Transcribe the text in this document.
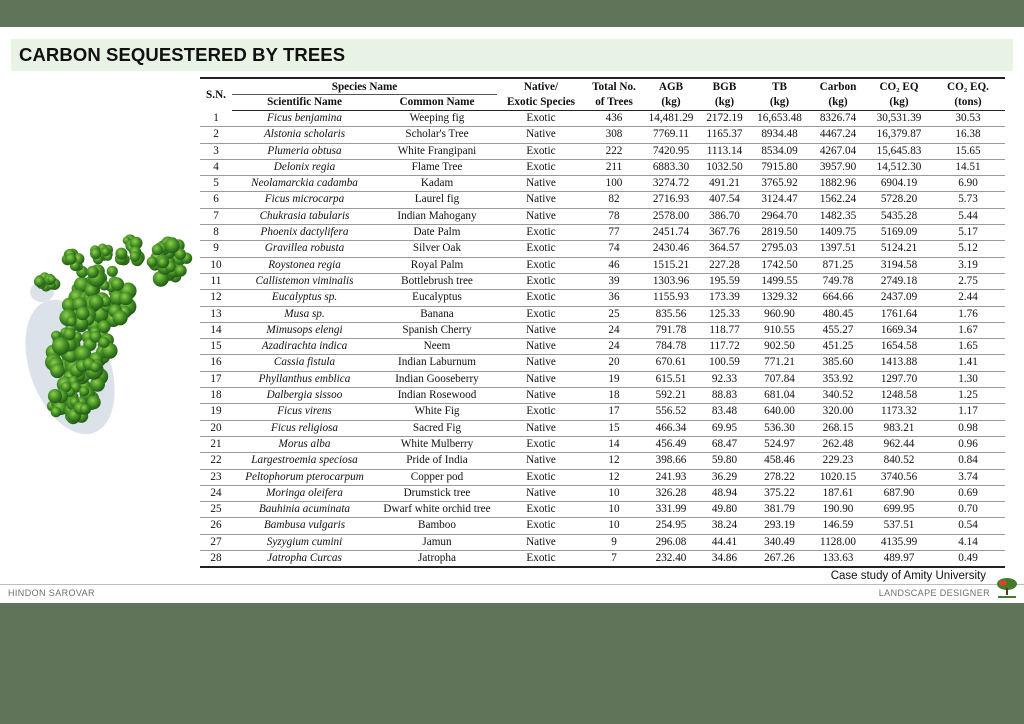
CARBON SEQUESTERED BY TREES
S.N.	Species Name		Native/	Total No.	AGB	BGB	TB	Carbon	CO₂ EQ	CO₂ EQ.
	Scientific Name	Common Name	Exotic Species	of Trees	(kg)	(kg)	(kg)	(kg)	(kg)	(tons)
1	Ficus benjamina	Weeping fig	Exotic	436	14,481.29	2172.19	16,653.48	8326.74	30,531.39	30.53
2	Alstonia scholaris	Scholar's Tree	Native	308	7769.11	1165.37	8934.48	4467.24	16,379.87	16.38
3	Plumeria obtusa	White Frangipani	Exotic	222	7420.95	1113.14	8534.09	4267.04	15,645.83	15.65
4	Delonix regia	Flame Tree	Exotic	211	6883.30	1032.50	7915.80	3957.90	14,512.30	14.51
5	Neolamarckia cadamba	Kadam	Native	100	3274.72	491.21	3765.92	1882.96	6904.19	6.90
6	Ficus microcarpa	Laurel fig	Native	82	2716.93	407.54	3124.47	1562.24	5728.20	5.73
7	Chukrasia tabularis	Indian Mahogany	Native	78	2578.00	386.70	2964.70	1482.35	5435.28	5.44
8	Phoenix dactylifera	Date Palm	Exotic	77	2451.74	367.76	2819.50	1409.75	5169.09	5.17
9	Gravillea robusta	Silver Oak	Exotic	74	2430.46	364.57	2795.03	1397.51	5124.21	5.12
10	Roystonea regia	Royal Palm	Exotic	46	1515.21	227.28	1742.50	871.25	3194.58	3.19
11	Callistemon viminalis	Bottlebrush tree	Exotic	39	1303.96	195.59	1499.55	749.78	2749.18	2.75
12	Eucalyptus sp.	Eucalyptus	Exotic	36	1155.93	173.39	1329.32	664.66	2437.09	2.44
13	Musa sp.	Banana	Exotic	25	835.56	125.33	960.90	480.45	1761.64	1.76
14	Mimusops elengi	Spanish Cherry	Native	24	791.78	118.77	910.55	455.27	1669.34	1.67
15	Azadirachta indica	Neem	Native	24	784.78	117.72	902.50	451.25	1654.58	1.65
16	Cassia fistula	Indian Laburnum	Native	20	670.61	100.59	771.21	385.60	1413.88	1.41
17	Phyllanthus emblica	Indian Gooseberry	Native	19	615.51	92.33	707.84	353.92	1297.70	1.30
18	Dalbergia sissoo	Indian Rosewood	Native	18	592.21	88.83	681.04	340.52	1248.58	1.25
19	Ficus virens	White Fig	Exotic	17	556.52	83.48	640.00	320.00	1173.32	1.17
20	Ficus religiosa	Sacred Fig	Native	15	466.34	69.95	536.30	268.15	983.21	0.98
21	Morus alba	White Mulberry	Exotic	14	456.49	68.47	524.97	262.48	962.44	0.96
22	Largestroemia speciosa	Pride of India	Native	12	398.66	59.80	458.46	229.23	840.52	0.84
23	Peltophorum pterocarpum	Copper pod	Exotic	12	241.93	36.29	278.22	1020.15	3740.56	3.74
24	Moringa oleifera	Drumstick tree	Native	10	326.28	48.94	375.22	187.61	687.90	0.69
25	Bauhinia acuminata	Dwarf white orchid tree	Exotic	10	331.99	49.80	381.79	190.90	699.95	0.70
26	Bambusa vulgaris	Bamboo	Exotic	10	254.95	38.24	293.19	146.59	537.51	0.54
27	Syzygium cumini	Jamun	Native	9	296.08	44.41	340.49	1128.00	4135.99	4.14
28	Jatropha Curcas	Jatropha	Exotic	7	232.40	34.86	267.26	133.63	489.97	0.49
Case study of Amity University
HINDON SAROVAR	LANDSCAPE DESIGNER
